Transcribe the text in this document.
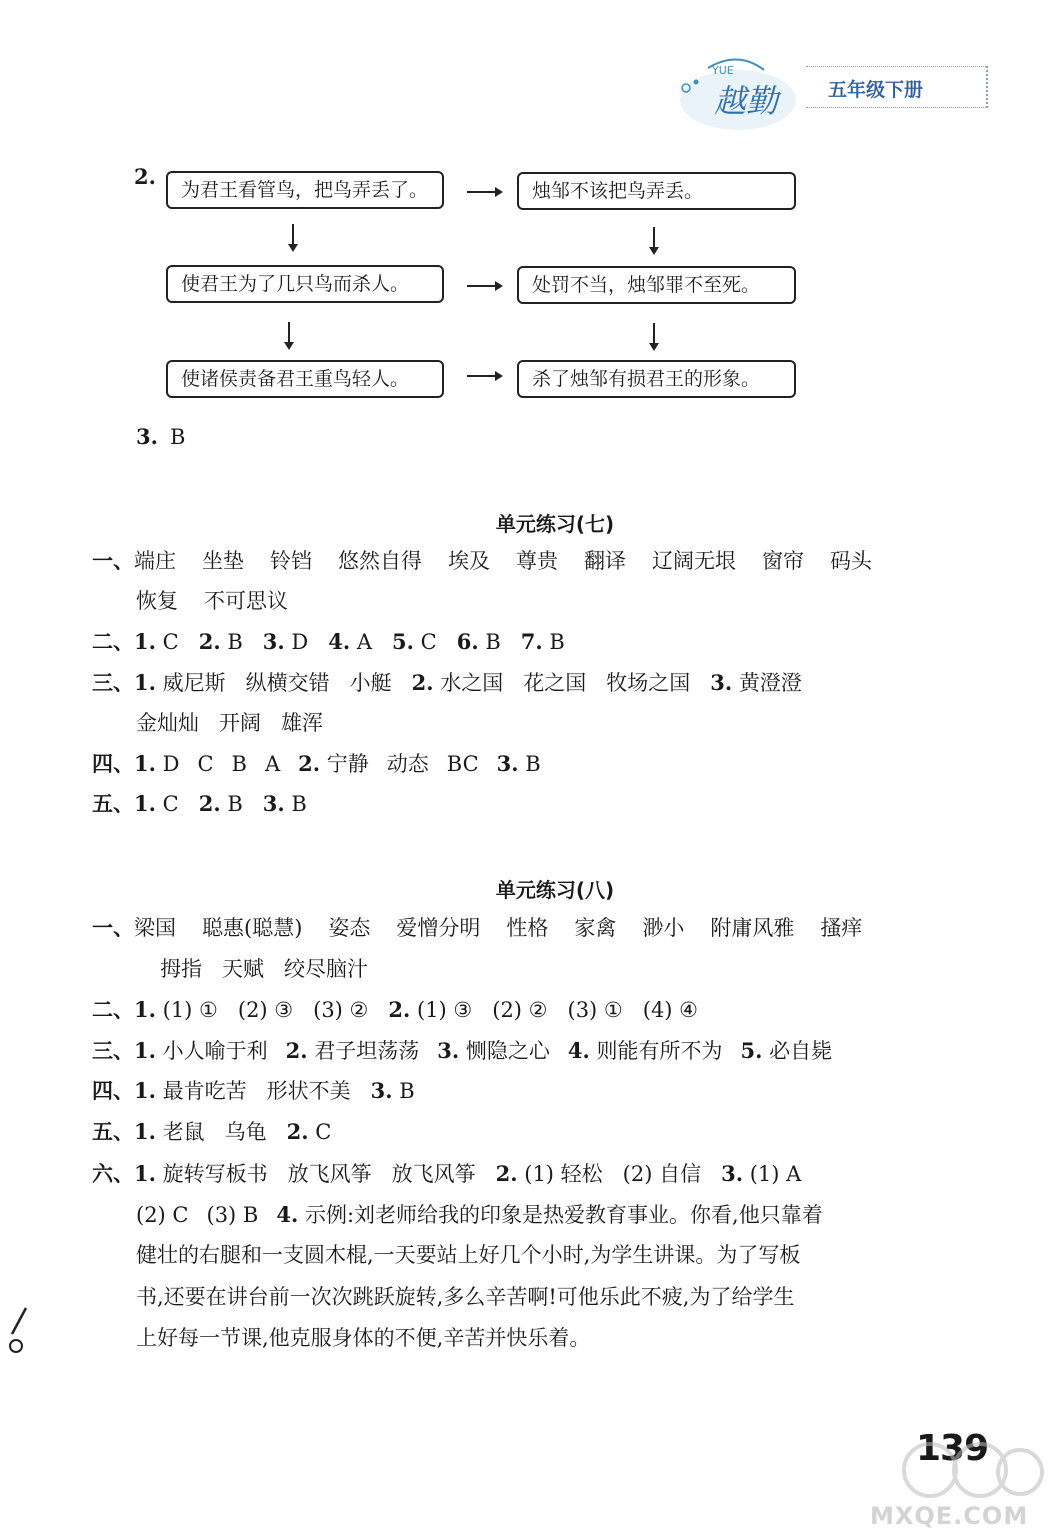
YUE
越勤	五年级下册
2.
为君王看管鸟，把鸟弄丢了。	烛邹不该把鸟弄丢。
使君王为了几只鸟而杀人。	处罚不当，烛邹罪不至死。
使诸侯责备君王重鸟轻人。	杀了烛邹有损君王的形象。
3. B
单元练习(七)
一、端庄 坐垫 铃铛 悠然自得 埃及 尊贵 翻译 辽阔无垠 窗帘 码头
恢复 不可思议
二、1. C 2. B 3. D 4. A 5. C 6. B 7. B
三、1. 威尼斯 纵横交错 小艇 2. 水之国 花之国 牧场之国 3. 黄澄澄
金灿灿 开阔 雄浑
四、1. D C B A 2. 宁静 动态 BC 3. B
五、1. C 2. B 3. B
单元练习(八)
一、梁国 聪惠(聪慧) 姿态 爱憎分明 性格 家禽 渺小 附庸风雅 搔痒
拇指 天赋 绞尽脑汁
二、1. (1) ① (2) ③ (3) ② 2. (1) ③ (2) ② (3) ① (4) ④
三、1. 小人喻于利 2. 君子坦荡荡 3. 恻隐之心 4. 则能有所不为 5. 必自毙
四、1. 最肯吃苦 形状不美 3. B
五、1. 老鼠 乌龟 2. C
六、1. 旋转写板书 放飞风筝 放飞风筝 2. (1) 轻松 (2) 自信 3. (1) A
(2) C (3) B 4. 示例:刘老师给我的印象是热爱教育事业。你看,他只靠着
健壮的右腿和一支圆木棍,一天要站上好几个小时,为学生讲课。为了写板
书,还要在讲台前一次次跳跃旋转,多么辛苦啊!可他乐此不疲,为了给学生
上好每一节课,他克服身体的不便,辛苦并快乐着。
139
MXQE.COM
